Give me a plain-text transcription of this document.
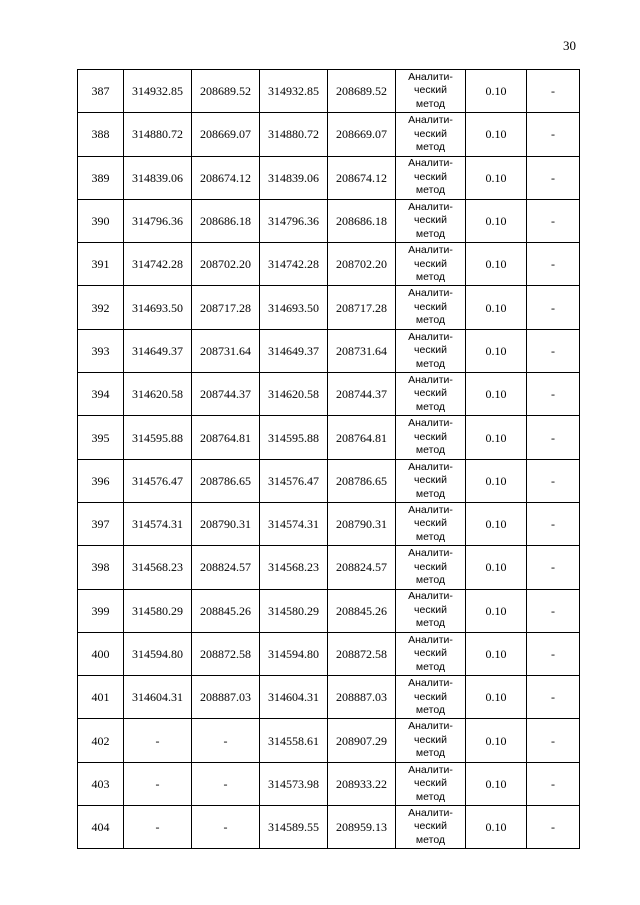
30
387	314932.85	208689.52	314932.85	208689.52	Аналити-
ческий
метод	0.10	-
388	314880.72	208669.07	314880.72	208669.07	Аналити-
ческий
метод	0.10	-
389	314839.06	208674.12	314839.06	208674.12	Аналити-
ческий
метод	0.10	-
390	314796.36	208686.18	314796.36	208686.18	Аналити-
ческий
метод	0.10	-
391	314742.28	208702.20	314742.28	208702.20	Аналити-
ческий
метод	0.10	-
392	314693.50	208717.28	314693.50	208717.28	Аналити-
ческий
метод	0.10	-
393	314649.37	208731.64	314649.37	208731.64	Аналити-
ческий
метод	0.10	-
394	314620.58	208744.37	314620.58	208744.37	Аналити-
ческий
метод	0.10	-
395	314595.88	208764.81	314595.88	208764.81	Аналити-
ческий
метод	0.10	-
396	314576.47	208786.65	314576.47	208786.65	Аналити-
ческий
метод	0.10	-
397	314574.31	208790.31	314574.31	208790.31	Аналити-
ческий
метод	0.10	-
398	314568.23	208824.57	314568.23	208824.57	Аналити-
ческий
метод	0.10	-
399	314580.29	208845.26	314580.29	208845.26	Аналити-
ческий
метод	0.10	-
400	314594.80	208872.58	314594.80	208872.58	Аналити-
ческий
метод	0.10	-
401	314604.31	208887.03	314604.31	208887.03	Аналити-
ческий
метод	0.10	-
402	-	-	314558.61	208907.29	Аналити-
ческий
метод	0.10	-
403	-	-	314573.98	208933.22	Аналити-
ческий
метод	0.10	-
404	-	-	314589.55	208959.13	Аналити-
ческий
метод	0.10	-
